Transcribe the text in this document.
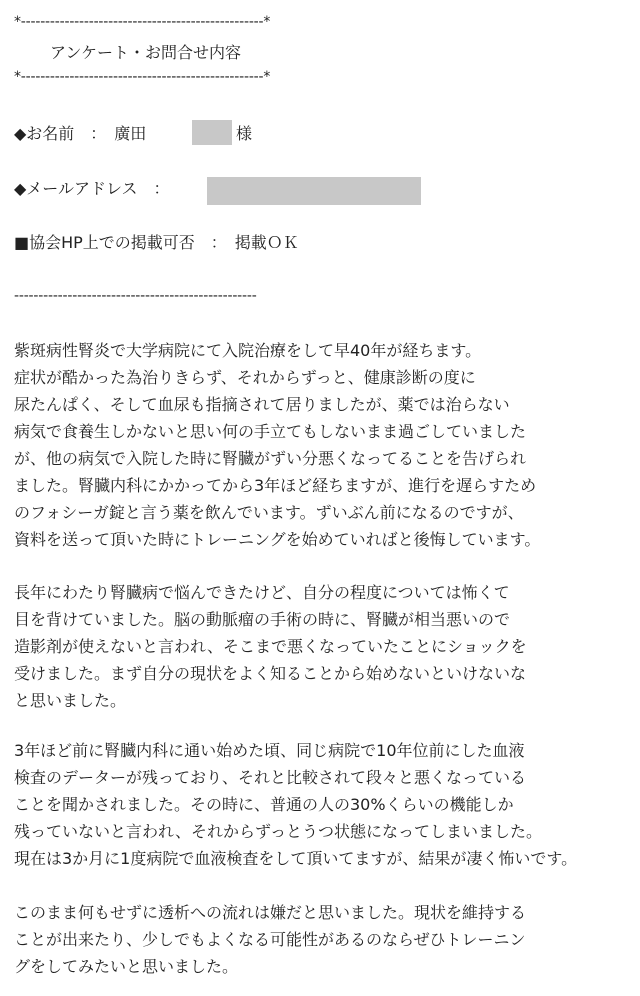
*--------------------------------------------------*
アンケート・お問合せ内容
*--------------------------------------------------*
◆お名前　：　廣田	様
◆メールアドレス　：
■協会HP上での掲載可否　：　掲載ＯＫ
--------------------------------------------------
紫斑病性腎炎で大学病院にて入院治療をして早40年が経ちます。
症状が酷かった為治りきらず、それからずっと、健康診断の度に
尿たんぱく、そして血尿も指摘されて居りましたが、薬では治らない
病気で食養生しかないと思い何の手立てもしないまま過ごしていました
が、他の病気で入院した時に腎臓がずい分悪くなってることを告げられ
ました。腎臓内科にかかってから3年ほど経ちますが、進行を遅らすため
のフォシーガ錠と言う薬を飲んでいます。ずいぶん前になるのですが、
資料を送って頂いた時にトレーニングを始めていればと後悔しています。
長年にわたり腎臓病で悩んできたけど、自分の程度については怖くて
目を背けていました。脳の動脈瘤の手術の時に、腎臓が相当悪いので
造影剤が使えないと言われ、そこまで悪くなっていたことにショックを
受けました。まず自分の現状をよく知ることから始めないといけないな
と思いました。
3年ほど前に腎臓内科に通い始めた頃、同じ病院で10年位前にした血液
検査のデーターが残っており、それと比較されて段々と悪くなっている
ことを聞かされました。その時に、普通の人の30%くらいの機能しか
残っていないと言われ、それからずっとうつ状態になってしまいました。
現在は3か月に1度病院で血液検査をして頂いてますが、結果が凄く怖いです。
このまま何もせずに透析への流れは嫌だと思いました。現状を維持する
ことが出来たり、少しでもよくなる可能性があるのならぜひトレーニン
グをしてみたいと思いました。
